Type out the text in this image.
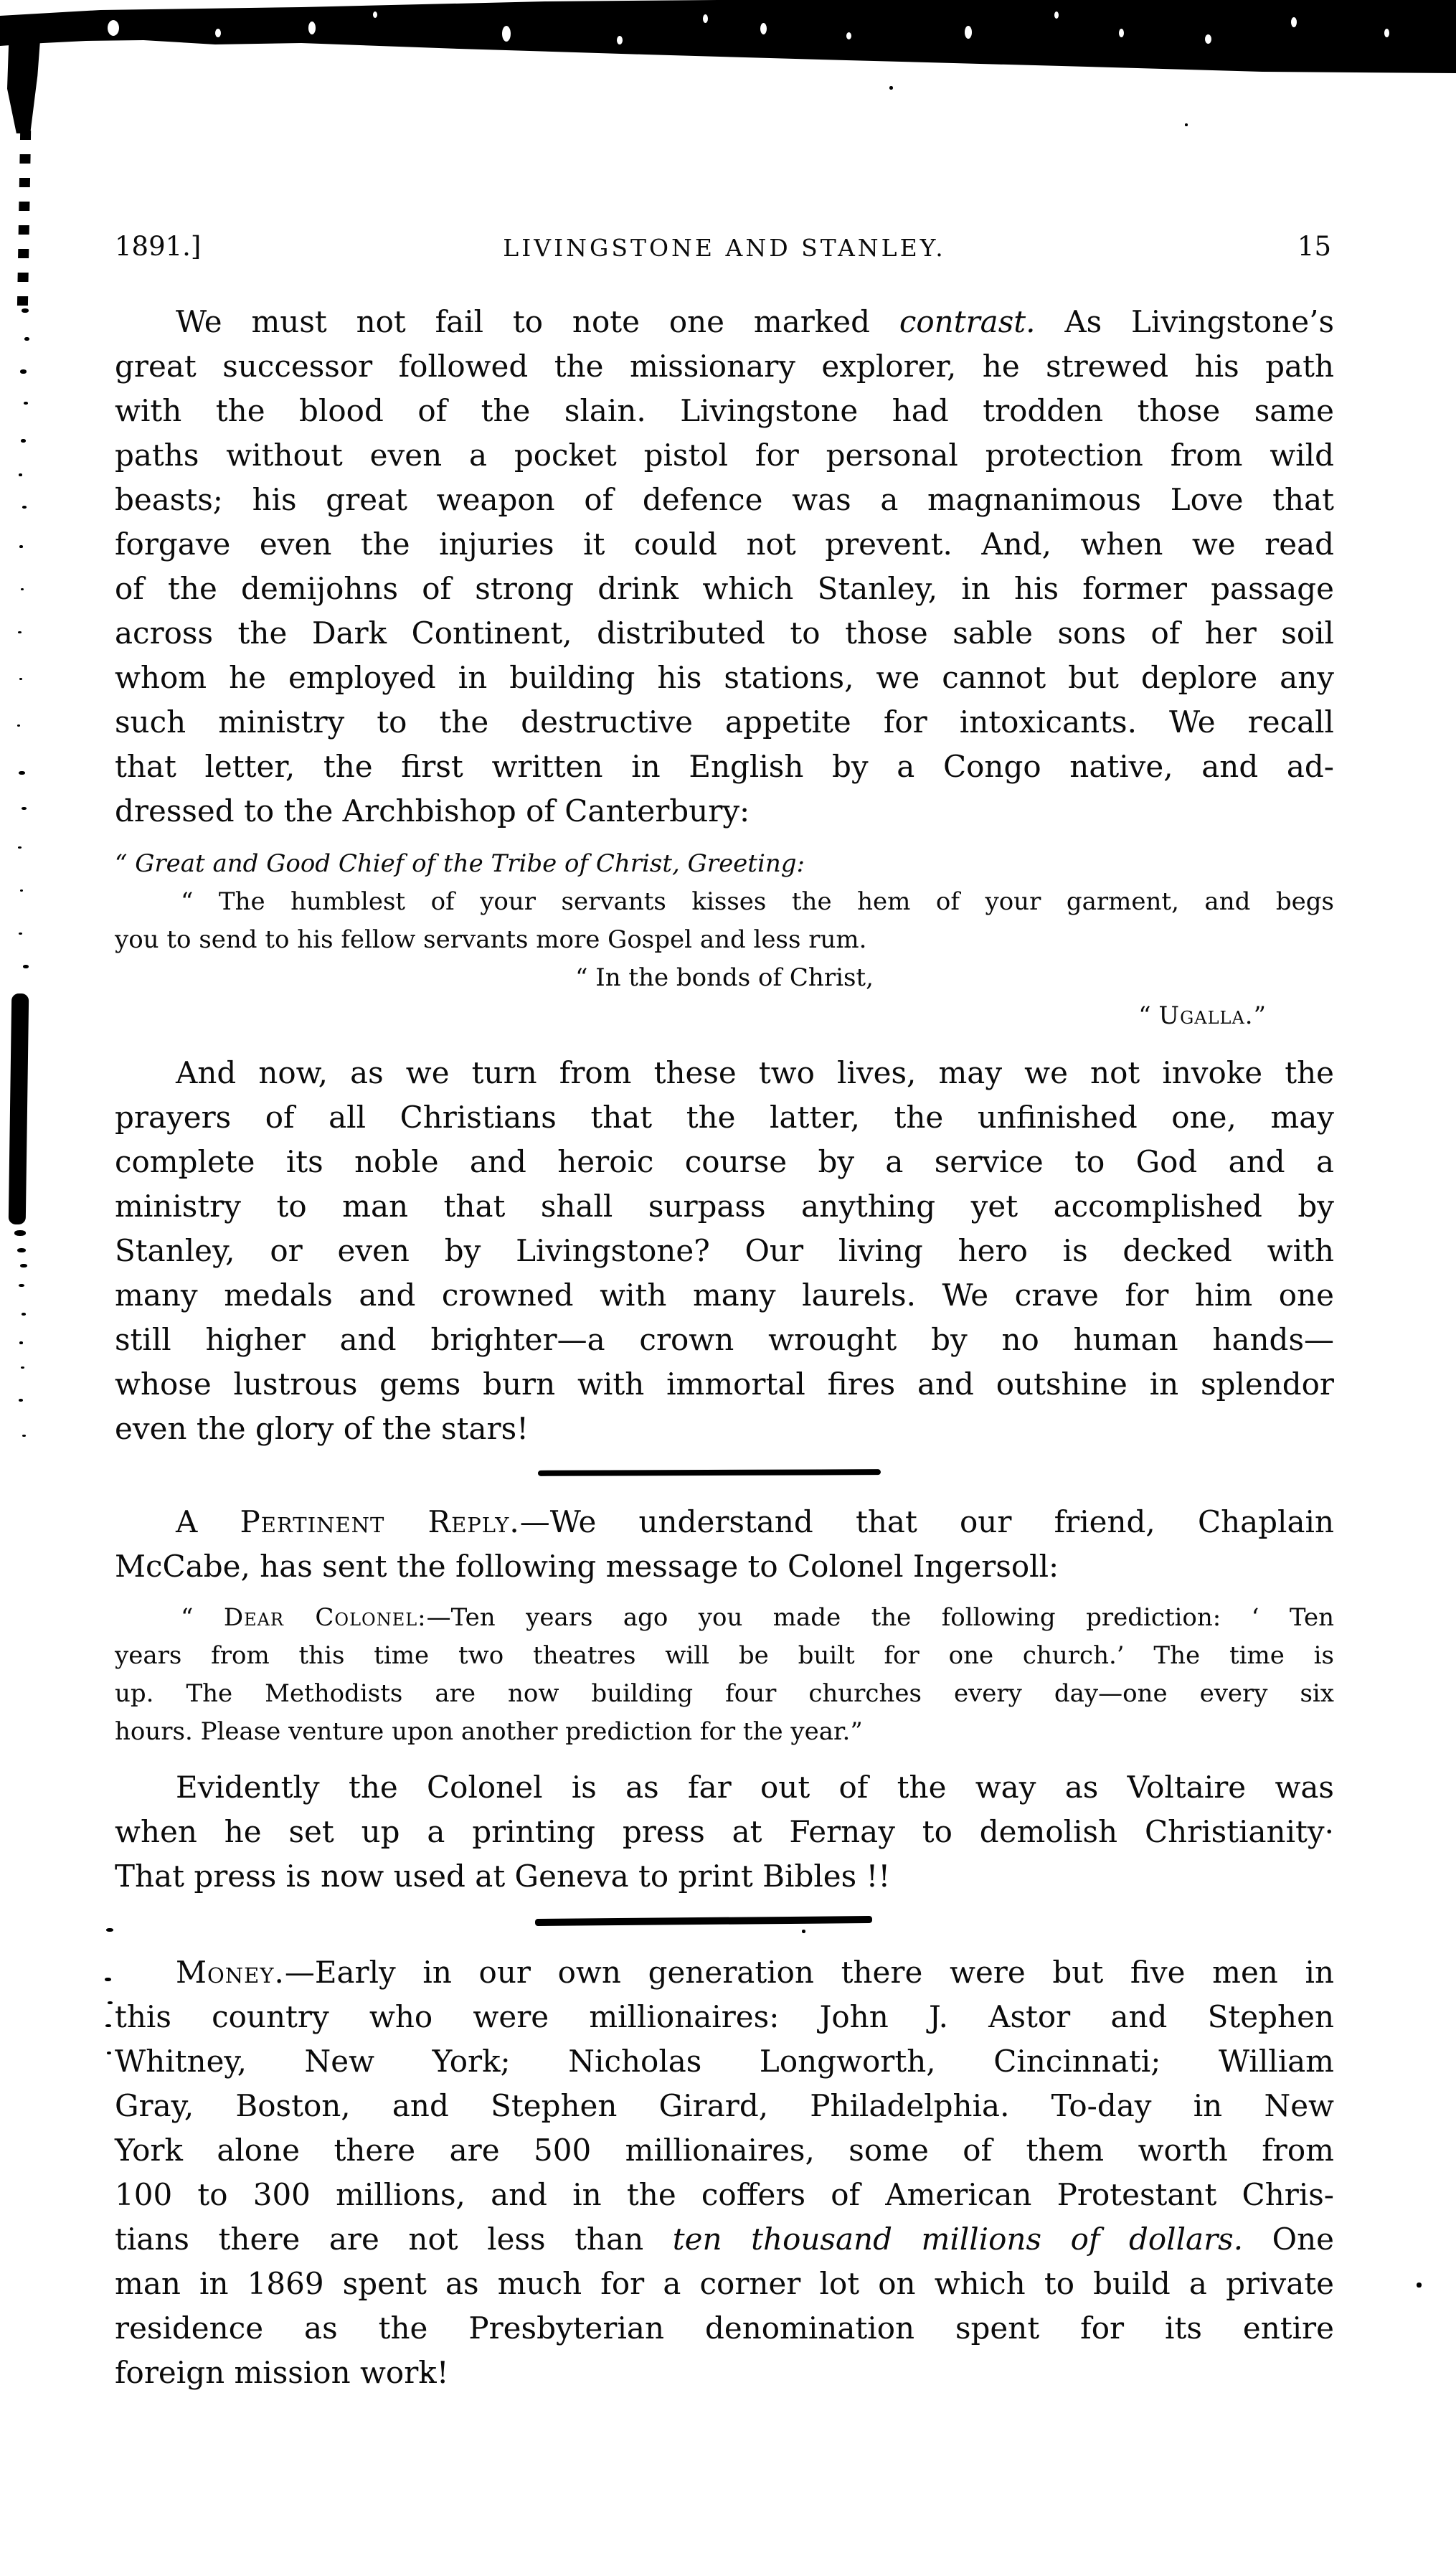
1891.]	LIVINGSTONE AND STANLEY.	15
We must not fail to note one marked contrast. As Livingstone’s
great successor followed the missionary explorer, he strewed his path
with the blood of the slain. Livingstone had trodden those same
paths without even a pocket pistol for personal protection from wild
beasts; his great weapon of defence was a magnanimous Love that
forgave even the injuries it could not prevent. And, when we read
of the demijohns of strong drink which Stanley, in his former passage
across the Dark Continent, distributed to those sable sons of her soil
whom he employed in building his stations, we cannot but deplore any
such ministry to the destructive appetite for intoxicants. We recall
that letter, the first written in English by a Congo native, and ad-
dressed to the Archbishop of Canterbury:
“ Great and Good Chief of the Tribe of Christ, Greeting:
“ The humblest of your servants kisses the hem of your garment, and begs
you to send to his fellow servants more Gospel and less rum.
“ In the bonds of Christ,
“ Ugalla.”
And now, as we turn from these two lives, may we not invoke the
prayers of all Christians that the latter, the unfinished one, may
complete its noble and heroic course by a service to God and a
ministry to man that shall surpass anything yet accomplished by
Stanley, or even by Livingstone? Our living hero is decked with
many medals and crowned with many laurels. We crave for him one
still higher and brighter—a crown wrought by no human hands—
whose lustrous gems burn with immortal fires and outshine in splendor
even the glory of the stars!
A Pertinent Reply.—We understand that our friend, Chaplain
McCabe, has sent the following message to Colonel Ingersoll:
“ Dear Colonel:—Ten years ago you made the following prediction: ‘ Ten
years from this time two theatres will be built for one church.’ The time is
up. The Methodists are now building four churches every day—one every six
hours. Please venture upon another prediction for the year.”
Evidently the Colonel is as far out of the way as Voltaire was
when he set up a printing press at Fernay to demolish Christianity·
That press is now used at Geneva to print Bibles !!
Money.—Early in our own generation there were but five men in
this country who were millionaires: John J. Astor and Stephen
Whitney, New York; Nicholas Longworth, Cincinnati; William
Gray, Boston, and Stephen Girard, Philadelphia. To-day in New
York alone there are 500 millionaires, some of them worth from
100 to 300 millions, and in the coffers of American Protestant Chris-
tians there are not less than ten thousand millions of dollars. One
man in 1869 spent as much for a corner lot on which to build a private
residence as the Presbyterian denomination spent for its entire
foreign mission work!
